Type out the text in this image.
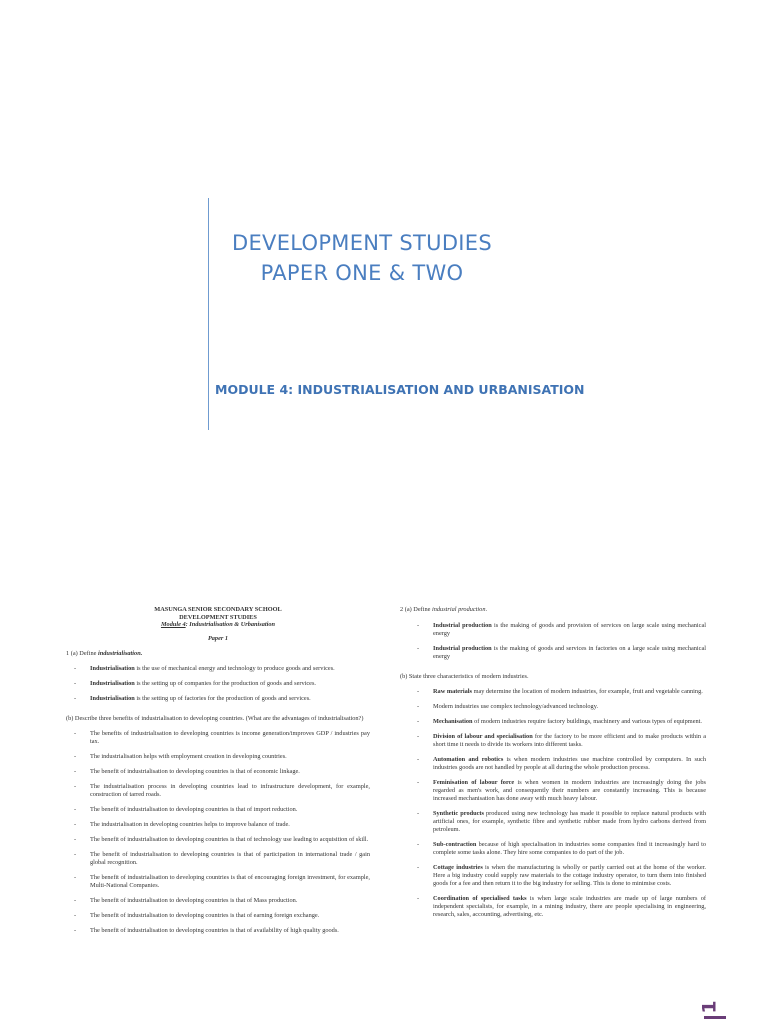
DEVELOPMENT STUDIES
PAPER ONE & TWO
MODULE 4: INDUSTRIALISATION AND URBANISATION
MASUNGA SENIOR SECONDARY SCHOOL
DEVELOPMENT STUDIES
Module 4: Industrialisation & Urbanisation
Paper 1
1 (a) Define industrialisation.
- Industrialisation is the use of mechanical energy and technology to produce goods and services.
- Industrialisation is the setting up of companies for the production of goods and services.
- Industrialisation is the setting up of factories for the production of goods and services.
(b) Describe three benefits of industrialisation to developing countries. (What are the advantages of industrialisation?)
- The benefits of industrialisation to developing countries is income generation/improves GDP / industries pay tax.
- The industrialisation helps with employment creation in developing countries.
- The benefit of industrialisation to developing countries is that of economic linkage.
- The industrialisation process in developing countries lead to infrastructure development, for example, construction of tarred roads.
- The benefit of industrialisation to developing countries is that of import reduction.
- The industrialisation in developing countries helps to improve balance of trade.
- The benefit of industrialisation to developing countries is that of technology use leading to acquisition of skill.
- The benefit of industrialisation to developing countries is that of participation in international trade / gain global recognition.
- The benefit of industrialisation to developing countries is that of encouraging foreign investment, for example, Multi-National Companies.
- The benefit of industrialisation to developing countries is that of Mass production.
- The benefit of industrialisation to developing countries is that of earning foreign exchange.
- The benefit of industrialisation to developing countries is that of availability of high quality goods.
2 (a) Define industrial production.
- Industrial production is the making of goods and provision of services on large scale using mechanical energy
- Industrial production is the making of goods and services in factories on a large scale using mechanical energy
(b) State three characteristics of modern industries.
- Raw materials may determine the location of modern industries, for example, fruit and vegetable canning.
- Modern industries use complex technology/advanced technology.
- Mechanisation of modern industries require factory buildings, machinery and various types of equipment.
- Division of labour and specialisation for the factory to be more efficient and to make products within a short time it needs to divide its workers into different tasks.
- Automation and robotics is when modern industries use machine controlled by computers. In such industries goods are not handled by people at all during the whole production process.
- Feminisation of labour force is when women in modern industries are increasingly doing the jobs regarded as men's work, and consequently their numbers are constantly increasing. This is because increased mechanisation has done away with much heavy labour.
- Synthetic products produced using new technology has made it possible to replace natural products with artificial ones, for example, synthetic fibre and synthetic rubber made from hydro carbons derived from petroleum.
- Sub-contraction because of high specialisation in industries some companies find it increasingly hard to complete some tasks alone. They hire some companies to do part of the job.
- Cottage industries is when the manufacturing is wholly or partly carried out at the home of the worker. Here a big industry could supply raw materials to the cottage industry operator, to turn them into finished goods for a fee and then return it to the big industry for selling. This is done to minimise costs.
- Coordination of specialised tasks is when large scale industries are made up of large numbers of independent specialists, for example, in a mining industry, there are people specialising in engineering, research, sales, accounting, advertising, etc.
1
